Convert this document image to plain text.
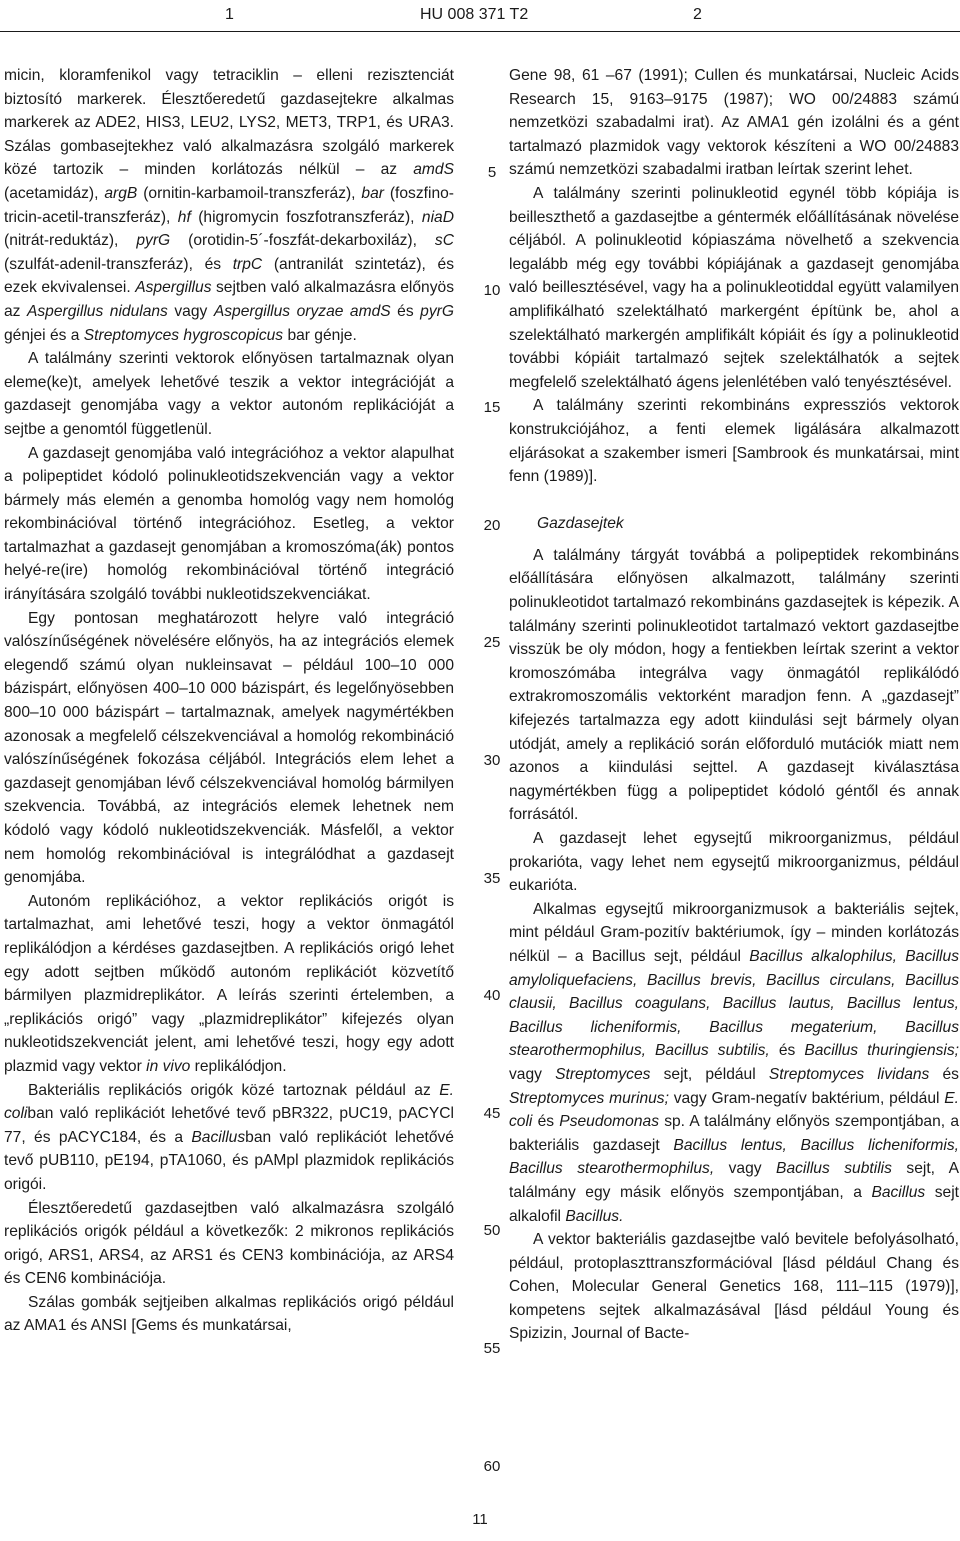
1	HU 008 371 T2	2

micin, kloramfenikol vagy tetraciklin – elleni rezisztenciát biztosító markerek. Élesztőeredetű gazdasejtekre alkalmas markerek az ADE2, HIS3, LEU2, LYS2, MET3, TRP1, és URA3. Szálas gombasejtekhez való alkalmazásra szolgáló markerek közé tartozik – minden korlátozás nélkül – az amdS (acetamidáz), argB (ornitin-karbamoil-transzferáz), bar (foszfino-tricin-acetil-transzferáz), hf (higromycin foszfotranszferáz), niaD (nitrát-reduktáz), pyrG (orotidin-5´-foszfát-dekarboxiláz), sC (szulfát-adenil-transzferáz), és trpC (antranilát szintetáz), és ezek ekvivalensei. Aspergillus sejtben való alkalmazásra előnyös az Aspergillus nidulans vagy Aspergillus oryzae amdS és pyrG génjei és a Streptomyces hygroscopicus bar génje.

A találmány szerinti vektorok előnyösen tartalmaznak olyan eleme(ke)t, amelyek lehetővé teszik a vektor integrációját a gazdasejt genomjába vagy a vektor autonóm replikációját a sejtbe a genomtól függetlenül.

A gazdasejt genomjába való integrációhoz a vektor alapulhat a polipeptidet kódoló polinukleotidszekvencián vagy a vektor bármely más elemén a genomba homológ vagy nem homológ rekombinációval történő integrációhoz. Esetleg, a vektor tartalmazhat a gazdasejt genomjában a kromoszóma(ák) pontos helyé-re(ire) homológ rekombinációval történő integráció irányítására szolgáló további nukleotidszekvenciákat.

Egy pontosan meghatározott helyre való integráció valószínűségének növelésére előnyös, ha az integrációs elemek elegendő számú olyan nukleinsavat – például 100–10 000 bázispárt, előnyösen 400–10 000 bázispárt, és legelőnyösebben 800–10 000 bázispárt – tartalmaznak, amelyek nagymértékben azonosak a megfelelő célszekvenciával a homológ rekombináció valószínűségének fokozása céljából. Integrációs elem lehet a gazdasejt genomjában lévő célszekvenciával homológ bármilyen szekvencia. Továbbá, az integrációs elemek lehetnek nem kódoló vagy kódoló nukleotidszekvenciák. Másfelől, a vektor nem homológ rekombinációval is integrálódhat a gazdasejt genomjába.

Autonóm replikációhoz, a vektor replikációs origót is tartalmazhat, ami lehetővé teszi, hogy a vektor önmagától replikálódjon a kérdéses gazdasejtben. A replikációs origó lehet egy adott sejtben működő autonóm replikációt közvetítő bármilyen plazmidreplikátor. A leírás szerinti értelemben, a „replikációs origó” vagy „plazmidreplikátor” kifejezés olyan nukleotidszekvenciát jelent, ami lehetővé teszi, hogy egy adott plazmid vagy vektor in vivo replikálódjon.

Bakteriális replikációs origók közé tartoznak például az E. coliban való replikációt lehetővé tevő pBR322, pUC19, pACYCl 77, és pACYC184, és a Bacillusban való replikációt lehetővé tevő pUB110, pE194, pTA1060, és pAMpl plazmidok replikációs origói.

Élesztőeredetű gazdasejtben való alkalmazásra szolgáló replikációs origók például a következők: 2 mikronos replikációs origó, ARS1, ARS4, az ARS1 és CEN3 kombinációja, az ARS4 és CEN6 kombinációja.

Szálas gombák sejtjeiben alkalmas replikációs origó például az AMA1 és ANSI [Gems és munkatársai,

5
10
15
20
25
30
35
40
45
50
55
60

Gene 98, 61 –67 (1991); Cullen és munkatársai, Nucleic Acids Research 15, 9163–9175 (1987); WO 00/24883 számú nemzetközi szabadalmi irat). Az AMA1 gén izolálni és a gént tartalmazó plazmidok vagy vektorok készíteni a WO 00/24883 számú nemzetközi szabadalmi iratban leírtak szerint lehet.

A találmány szerinti polinukleotid egynél több kópiája is beilleszthető a gazdasejtbe a géntermék előállításának növelése céljából. A polinukleotid kópiaszáma növelhető a szekvencia legalább még egy további kópiájának a gazdasejt genomjába való beillesztésével, vagy ha a polinukleotiddal együtt valamilyen amplifikálható szelektálható markergént építünk be, ahol a szelektálható markergén amplifikált kópiáit és így a polinukleotid további kópiáit tartalmazó sejtek szelektálhatók a sejtek megfelelő szelektálható ágens jelenlétében való tenyésztésével.

A találmány szerinti rekombináns expressziós vektorok konstrukciójához, a fenti elemek ligálására alkalmazott eljárásokat a szakember ismeri [Sambrook és munkatársai, mint fenn (1989)].

Gazdasejtek

A találmány tárgyát továbbá a polipeptidek rekombináns előállítására előnyösen alkalmazott, találmány szerinti polinukleotidot tartalmazó rekombináns gazdasejtek is képezik. A találmány szerinti polinukleotidot tartalmazó vektort gazdasejtbe visszük be oly módon, hogy a fentiekben leírtak szerint a vektor kromoszómába integrálva vagy önmagától replikálódó extrakromoszomális vektorként maradjon fenn. A „gazdasejt” kifejezés tartalmazza egy adott kiindulási sejt bármely olyan utódját, amely a replikáció során előforduló mutációk miatt nem azonos a kiindulási sejttel. A gazdasejt kiválasztása nagymértékben függ a polipeptidet kódoló géntől és annak forrásától.

A gazdasejt lehet egysejtű mikroorganizmus, például prokarióta, vagy lehet nem egysejtű mikroorganizmus, például eukarióta.

Alkalmas egysejtű mikroorganizmusok a bakteriális sejtek, mint például Gram-pozitív baktériumok, így – minden korlátozás nélkül – a Bacillus sejt, például Bacillus alkalophilus, Bacillus amyloliquefaciens, Bacillus brevis, Bacillus circulans, Bacillus clausii, Bacillus coagulans, Bacillus lautus, Bacillus lentus, Bacillus licheniformis, Bacillus megaterium, Bacillus stearothermophilus, Bacillus subtilis, és Bacillus thuringiensis; vagy Streptomyces sejt, például Streptomyces lividans és Streptomyces murinus; vagy Gram-negatív baktérium, például E. coli és Pseudomonas sp. A találmány előnyös szempontjában, a bakteriális gazdasejt Bacillus lentus, Bacillus licheniformis, Bacillus stearothermophilus, vagy Bacillus subtilis sejt, A találmány egy másik előnyös szempontjában, a Bacillus sejt alkalofil Bacillus.

A vektor bakteriális gazdasejtbe való bevitele befolyásolható, például, protoplaszttranszformációval [lásd például Chang és Cohen, Molecular General Genetics 168, 111–115 (1979)], kompetens sejtek alkalmazásával [lásd például Young és Spizizin, Journal of Bacte-

11
